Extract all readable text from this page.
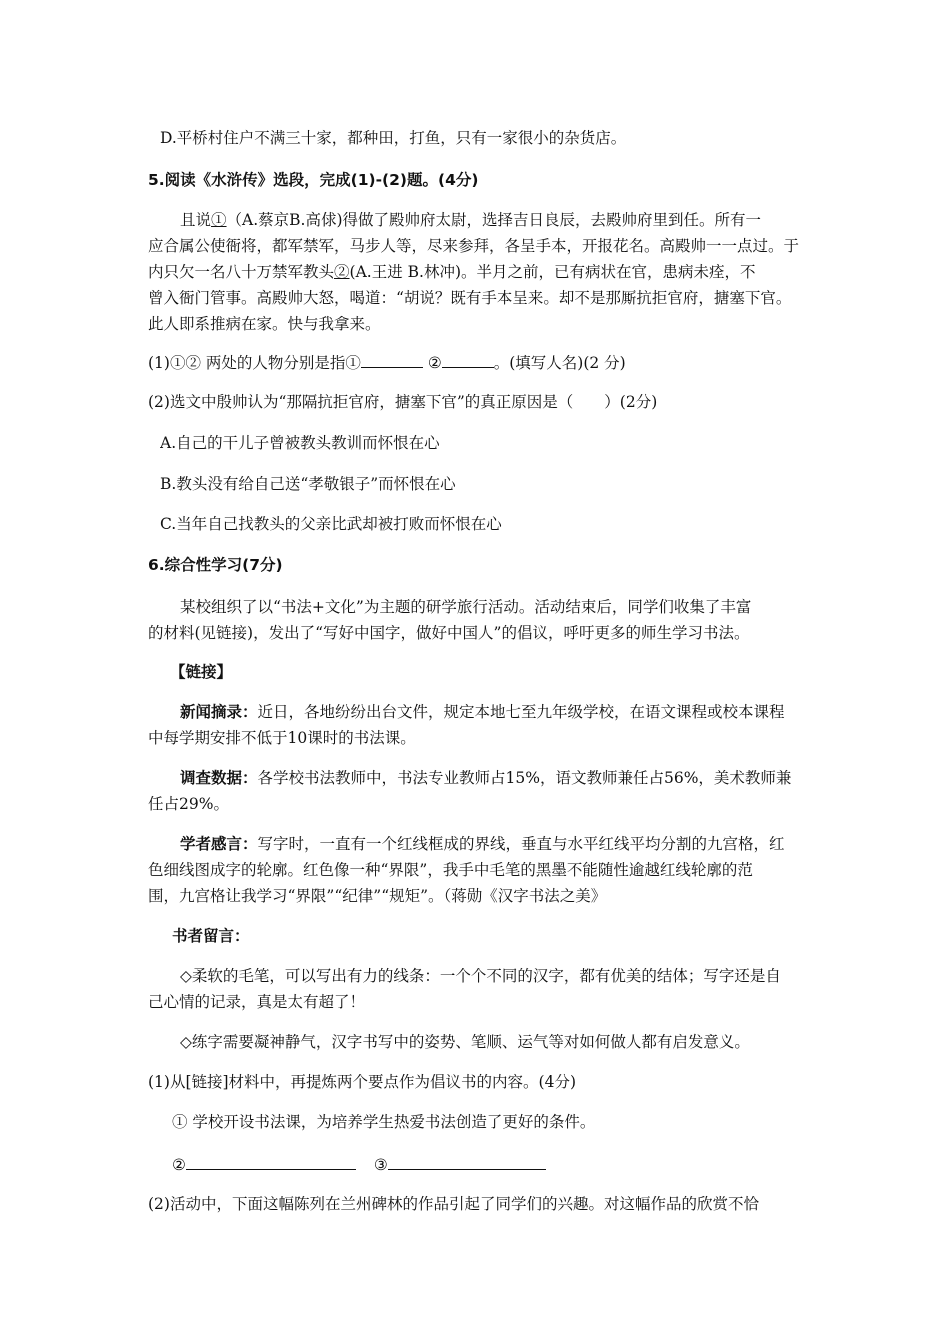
D.平桥村住户不满三十家，都种田，打鱼，只有一家很小的杂货店。
5.阅读《水浒传》选段，完成(1)-(2)题。(4分)
且说①（A.蔡京B.高俅)得做了殿帅府太尉，选择吉日良辰，去殿帅府里到任。所有一
应合属公使衙将，都军禁军，马步人等，尽来参拜，各呈手本，开报花名。高殿帅一一点过。于
内只欠一名八十万禁军教头②(A.王进 B.林冲)。半月之前，已有病状在官，患病未痊，不
曾入衙门管事。高殿帅大怒，喝道：“胡说？既有手本呈来。却不是那厮抗拒官府，搪塞下官。
此人即系推病在家。快与我拿来。
(1)①② 两处的人物分别是指①	②	。(填写人名)(2 分)
(2)选文中殷帅认为“那隔抗拒官府，搪塞下官”的真正原因是（　　）(2分)
A.自己的干儿子曾被教头教训而怀恨在心
B.教头没有给自己送“孝敬银子”而怀恨在心
C.当年自己找教头的父亲比武却被打败而怀恨在心
6.综合性学习(7分)
某校组织了以“书法+文化”为主题的研学旅行活动。活动结束后，同学们收集了丰富
的材料(见链接)，发出了“写好中国字，做好中国人”的倡议，呼吁更多的师生学习书法。
【链接】
新闻摘录：近日，各地纷纷出台文件，规定本地七至九年级学校，在语文课程或校本课程
中每学期安排不低于10课时的书法课。
调查数据：各学校书法教师中，书法专业教师占15%，语文教师兼任占56%，美术教师兼
任占29%。
学者感言：写字时，一直有一个红线框成的界线，垂直与水平红线平均分割的九宫格，红
色细线图成字的轮廓。红色像一种“界限”，我手中毛笔的黑墨不能随性逾越红线轮廓的范
围，九宫格让我学习“界限”“纪律”“规矩”。（蒋勋《汉字书法之美》
书者留言：
◇柔软的毛笔，可以写出有力的线条：一个个不同的汉字，都有优美的结体；写字还是自
己心情的记录，真是太有超了！
◇练字需要凝神静气，汉字书写中的姿势、笔顺、运气等对如何做人都有启发意义。
(1)从[链接]材料中，再提炼两个要点作为倡议书的内容。(4分)
① 学校开设书法课，为培养学生热爱书法创造了更好的条件。
②	③
(2)活动中，下面这幅陈列在兰州碑林的作品引起了同学们的兴趣。对这幅作品的欣赏不恰
